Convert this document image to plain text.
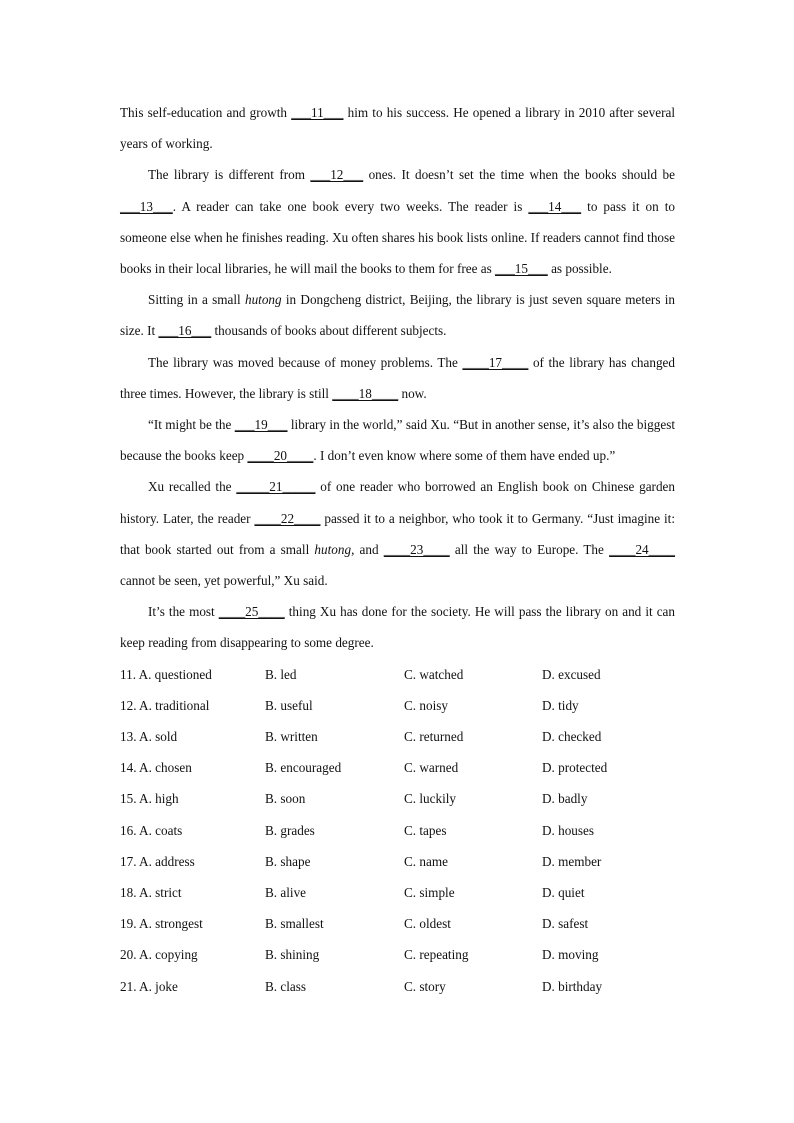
This self-education and growth ___11___ him to his success. He opened a library in 2010 after several years of working.

The library is different from ___12___ ones. It doesn’t set the time when the books should be ___13___. A reader can take one book every two weeks. The reader is ___14___ to pass it on to someone else when he finishes reading. Xu often shares his book lists online. If readers cannot find those books in their local libraries, he will mail the books to them for free as ___15___ as possible.

Sitting in a small hutong in Dongcheng district, Beijing, the library is just seven square meters in size. It ___16___ thousands of books about different subjects.

The library was moved because of money problems. The ____17____ of the library has changed three times. However, the library is still ____18____ now.

“It might be the ___19___ library in the world,” said Xu. “But in another sense, it’s also the biggest because the books keep ____20____. I don’t even know where some of them have ended up.”

Xu recalled the _____21_____ of one reader who borrowed an English book on Chinese garden history. Later, the reader ____22____ passed it to a neighbor, who took it to Germany. “Just imagine it: that book started out from a small hutong, and ____23____ all the way to Europe. The ____24____ cannot be seen, yet powerful,” Xu said.

It’s the most ____25____ thing Xu has done for the society. He will pass the library on and it can keep reading from disappearing to some degree.

11. A. questioned	B. led	C. watched	D. excused
12. A. traditional	B. useful	C. noisy	D. tidy
13. A. sold	B. written	C. returned	D. checked
14. A. chosen	B. encouraged	C. warned	D. protected
15. A. high	B. soon	C. luckily	D. badly
16. A. coats	B. grades	C. tapes	D. houses
17. A. address	B. shape	C. name	D. member
18. A. strict	B. alive	C. simple	D. quiet
19. A. strongest	B. smallest	C. oldest	D. safest
20. A. copying	B. shining	C. repeating	D. moving
21. A. joke	B. class	C. story	D. birthday
